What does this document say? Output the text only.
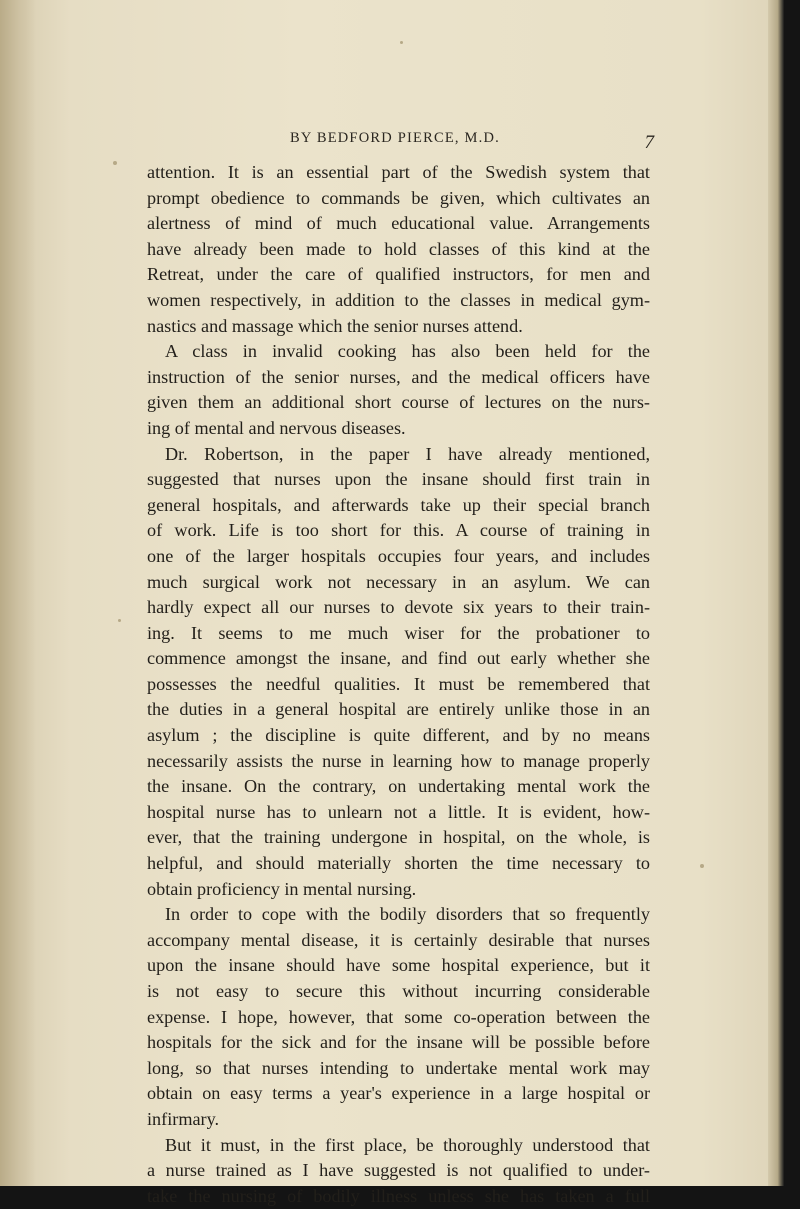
BY BEDFORD PIERCE, M.D.	7
attention. It is an essential part of the Swedish system that
prompt obedience to commands be given, which cultivates an
alertness of mind of much educational value. Arrangements
have already been made to hold classes of this kind at the
Retreat, under the care of qualified instructors, for men and
women respectively, in addition to the classes in medical gym-
nastics and massage which the senior nurses attend.
A class in invalid cooking has also been held for the
instruction of the senior nurses, and the medical officers have
given them an additional short course of lectures on the nurs-
ing of mental and nervous diseases.
Dr. Robertson, in the paper I have already mentioned,
suggested that nurses upon the insane should first train in
general hospitals, and afterwards take up their special branch
of work. Life is too short for this. A course of training in
one of the larger hospitals occupies four years, and includes
much surgical work not necessary in an asylum. We can
hardly expect all our nurses to devote six years to their train-
ing. It seems to me much wiser for the probationer to
commence amongst the insane, and find out early whether she
possesses the needful qualities. It must be remembered that
the duties in a general hospital are entirely unlike those in an
asylum ; the discipline is quite different, and by no means
necessarily assists the nurse in learning how to manage properly
the insane. On the contrary, on undertaking mental work the
hospital nurse has to unlearn not a little. It is evident, how-
ever, that the training undergone in hospital, on the whole, is
helpful, and should materially shorten the time necessary to
obtain proficiency in mental nursing.
In order to cope with the bodily disorders that so frequently
accompany mental disease, it is certainly desirable that nurses
upon the insane should have some hospital experience, but it
is not easy to secure this without incurring considerable
expense. I hope, however, that some co-operation between the
hospitals for the sick and for the insane will be possible before
long, so that nurses intending to undertake mental work may
obtain on easy terms a year's experience in a large hospital or
infirmary.
But it must, in the first place, be thoroughly understood that
a nurse trained as I have suggested is not qualified to under-
take the nursing of bodily illness unless she has taken a full
